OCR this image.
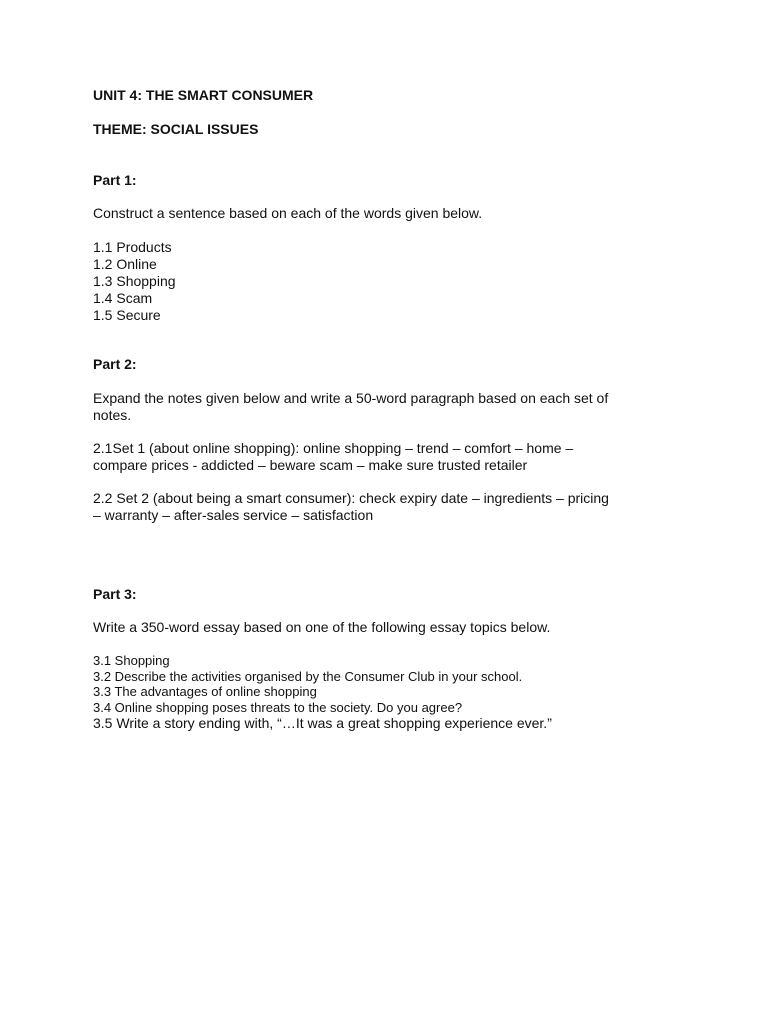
UNIT 4: THE SMART CONSUMER
THEME: SOCIAL ISSUES
Part 1:
Construct a sentence based on each of the words given below.
1.1 Products
1.2 Online
1.3 Shopping
1.4 Scam
1.5 Secure
Part 2:
Expand the notes given below and write a 50-word paragraph based on each set of
notes.
2.1Set 1 (about online shopping): online shopping – trend – comfort – home –
compare prices - addicted – beware scam – make sure trusted retailer
2.2 Set 2 (about being a smart consumer): check expiry date – ingredients – pricing
– warranty – after-sales service – satisfaction
Part 3:
Write a 350-word essay based on one of the following essay topics below.
3.1 Shopping
3.2 Describe the activities organised by the Consumer Club in your school.
3.3 The advantages of online shopping
3.4 Online shopping poses threats to the society. Do you agree?
3.5 Write a story ending with, “…It was a great shopping experience ever.”
